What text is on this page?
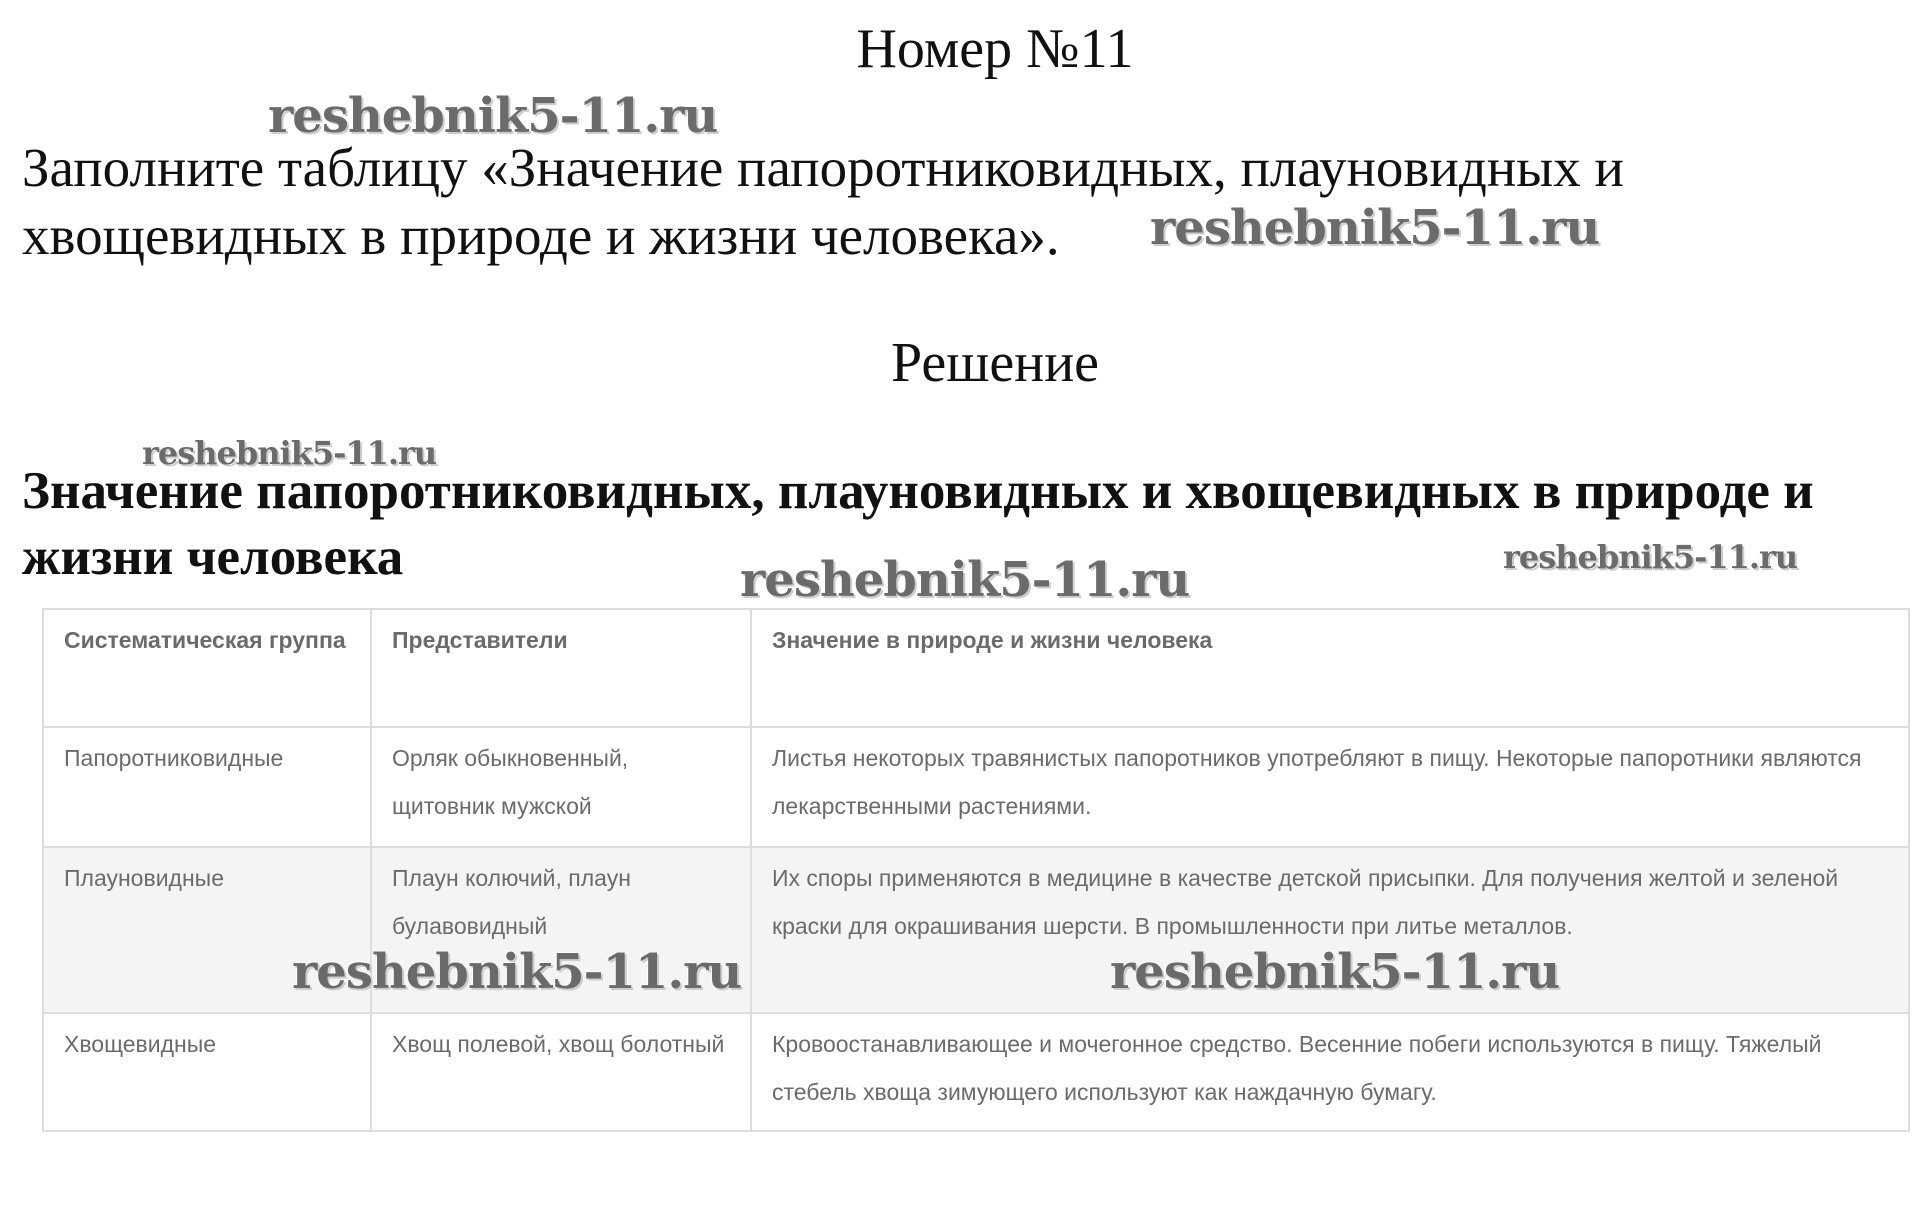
Номер №11
Заполните таблицу «Значение папоротниковидных, плауновидных и хвощевидных в природе и жизни человека».
Решение
Значение папоротниковидных, плауновидных и хвощевидных в природе и жизни человека
Систематическая группа	Представители	Значение в природе и жизни человека
Папоротниковидные	Орляк обыкновенный, щитовник мужской	Листья некоторых травянистых папоротников употребляют в пищу. Некоторые папоротники являются лекарственными растениями.
Плауновидные	Плаун колючий, плаун булавовидный	Их споры применяются в медицине в качестве детской присыпки. Для получения желтой и зеленой краски для окрашивания шерсти. В промышленности при литье металлов.
Хвощевидные	Хвощ полевой, хвощ болотный	Кровоостанавливающее и мочегонное средство. Весенние побеги используются в пищу. Тяжелый стебель хвоща зимующего используют как наждачную бумагу.
reshebnik5-11.ru
reshebnik5-11.ru
reshebnik5-11.ru
reshebnik5-11.ru
reshebnik5-11.ru
reshebnik5-11.ru	reshebnik5-11.ru
